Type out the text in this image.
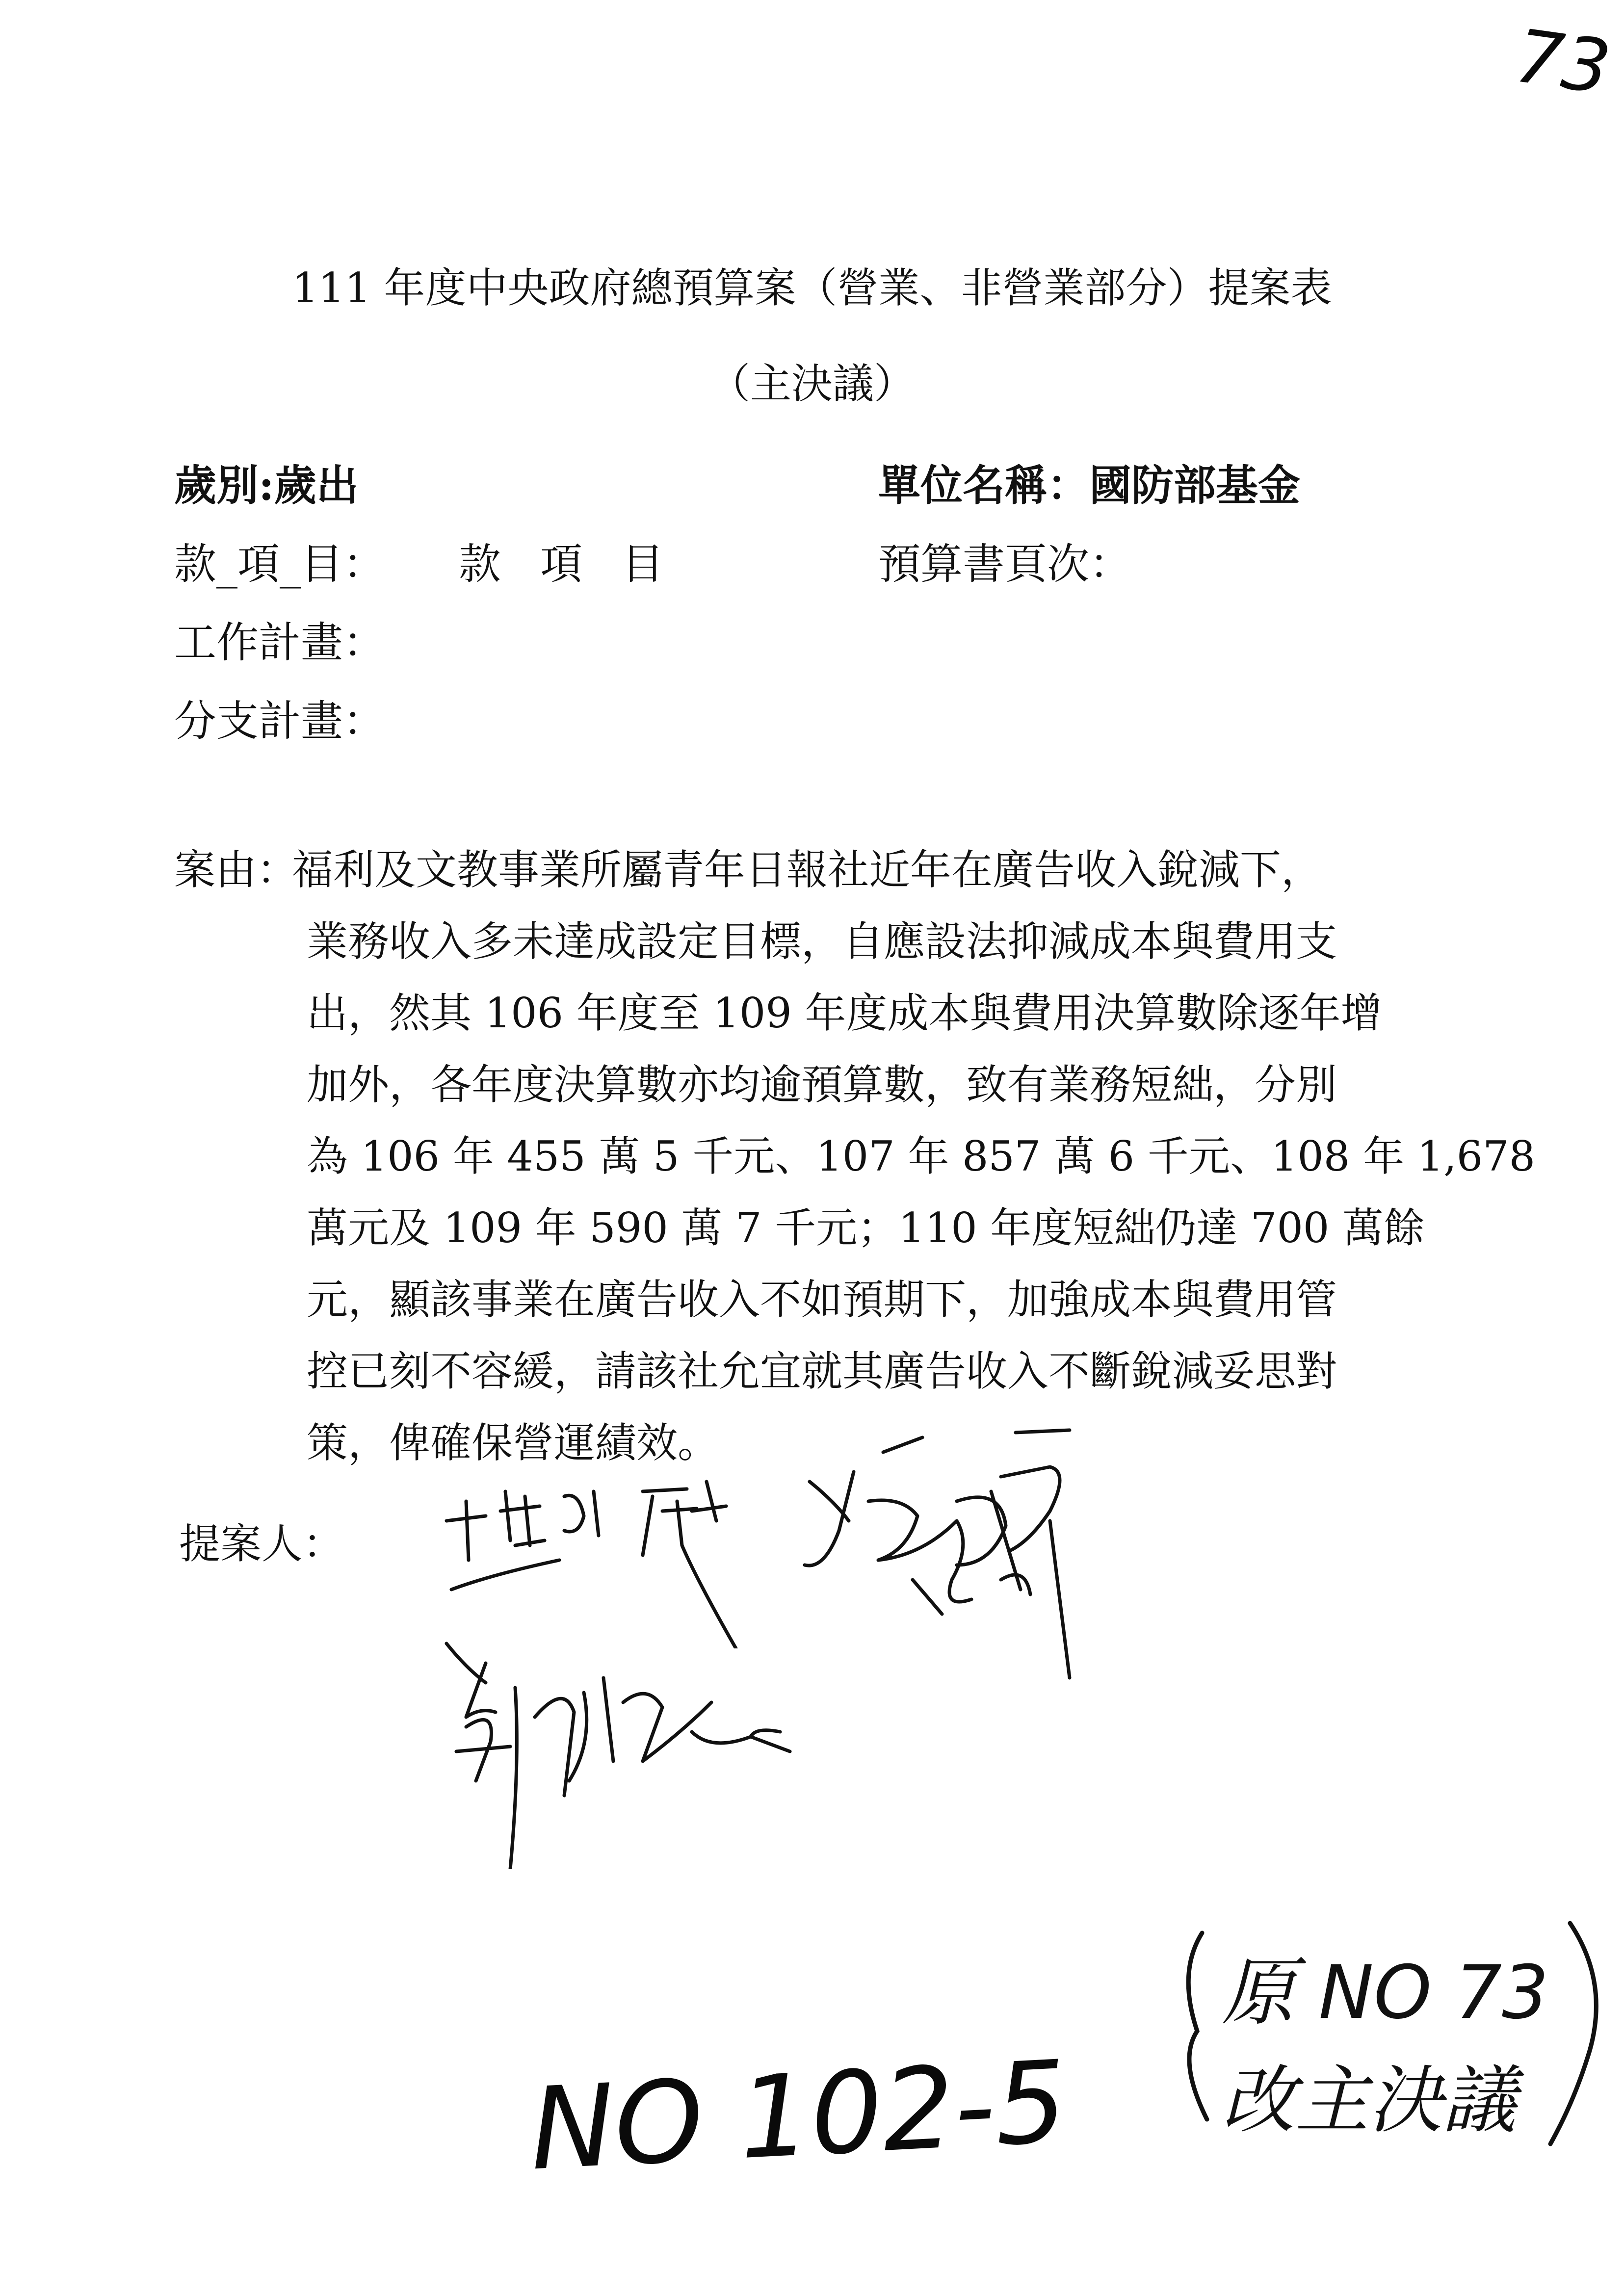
73
111 年度中央政府總預算案（營業、非營業部分）提案表
（主決議）
歲別:歲出	單位名稱：國防部基金
款_項_目： 款項目	預算書頁次：
工作計畫：
分支計畫：
案由：
福利及文教事業所屬青年日報社近年在廣告收入銳減下，
業務收入多未達成設定目標，自應設法抑減成本與費用支
出，然其 106 年度至 109 年度成本與費用決算數除逐年增
加外，各年度決算數亦均逾預算數，致有業務短絀，分別
為 106 年 455 萬 5 千元、107 年 857 萬 6 千元、108 年 1,678
萬元及 109 年 590 萬 7 千元；110 年度短絀仍達 700 萬餘
元，顯該事業在廣告收入不如預期下，加強成本與費用管
控已刻不容緩，請該社允宜就其廣告收入不斷銳減妥思對
策，俾確保營運績效。
提案人：
原 NO 73
改主決議
NO 102-5
